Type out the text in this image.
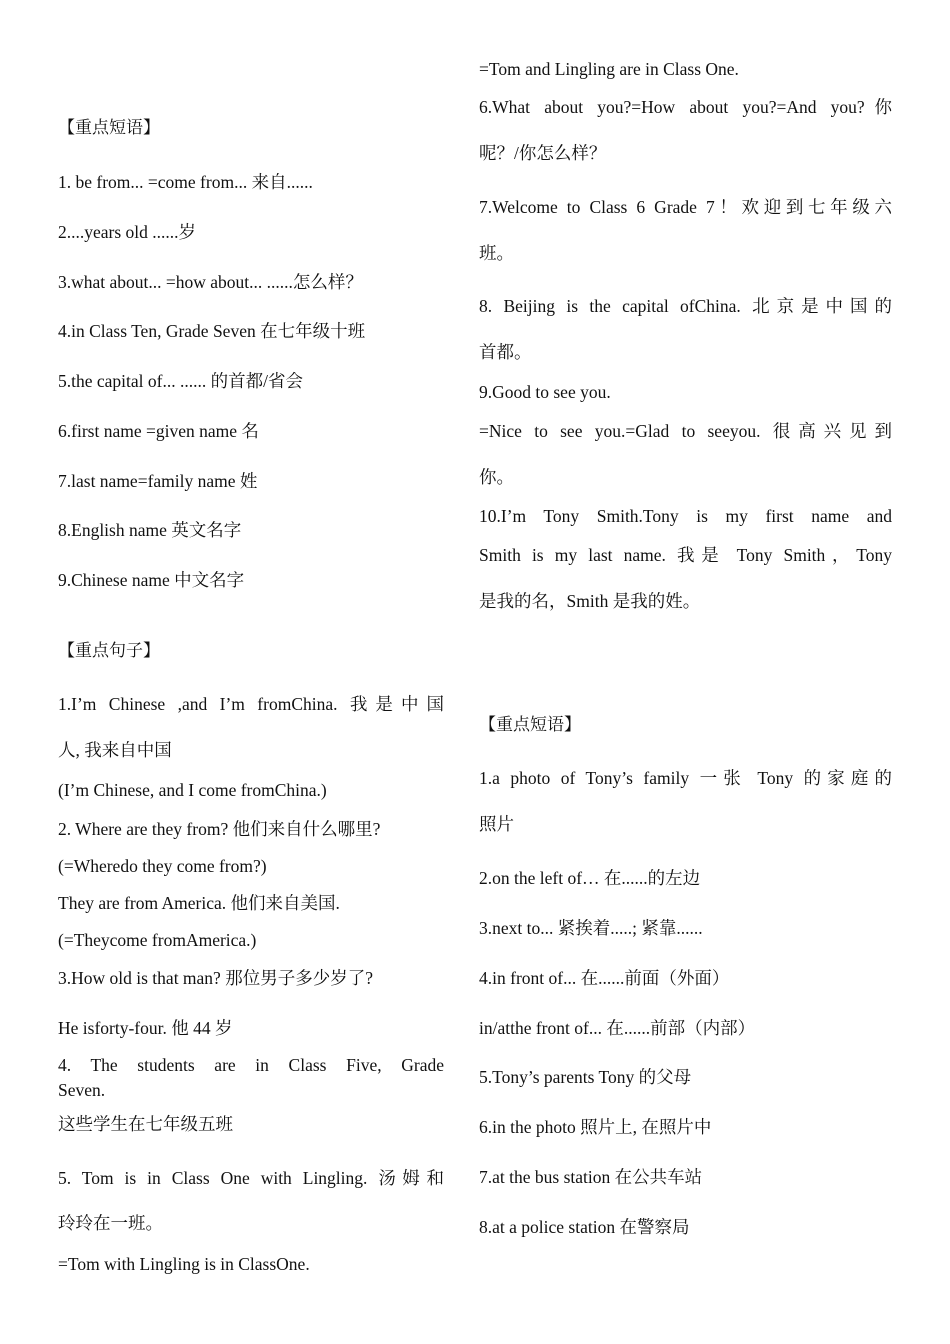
【重点短语】
1. be from... =come from... 来自......
2....years old ......岁
3.what about... =how about... ......怎么样？
4.in Class Ten, Grade Seven 在七年级十班
5.the capital of... ...... 的首都/省会
6.first name =given name 名
7.last name=family name 姓
8.English name 英文名字
9.Chinese name 中文名字
【重点句子】
1.I’m Chinese ,and I’m fromChina. 我是中国
人, 我来自中国
(I’m Chinese, and I come fromChina.)
2. Where are they from? 他们来自什么哪里?
(=Wheredo they come from?)
They are from America. 他们来自美国.
(=Theycome fromAmerica.)
3.How old is that man? 那位男子多少岁了?
He isforty-four. 他 44 岁
4. The students are in Class Five, Grade
Seven.
这些学生在七年级五班
5. Tom is in Class One with Lingling. 汤姆和
玲玲在一班。
=Tom with Lingling is in ClassOne.
=Tom and Lingling are in Class One.
6.What about you?=How about you?=And you?你
呢？/你怎么样？
7.Welcome to Class 6 Grade 7！欢迎到七年级六
班。
8. Beijing is the capital ofChina. 北京是中国的
首都。
9.Good to see you.
=Nice to see you.=Glad to seeyou. 很高兴见到
你。
10.I’m Tony Smith.Tony is my first name and
Smith is my last name. 我是 Tony Smith，Tony
是我的名，Smith 是我的姓。
【重点短语】
1.a photo of Tony’s family 一张 Tony 的家庭的
照片
2.on the left of… 在......的左边
3.next to... 紧挨着.....; 紧靠......
4.in front of... 在......前面（外面）
in/atthe front of... 在......前部（内部）
5.Tony’s parents Tony 的父母
6.in the photo 照片上, 在照片中
7.at the bus station 在公共车站
8.at a police station 在警察局
